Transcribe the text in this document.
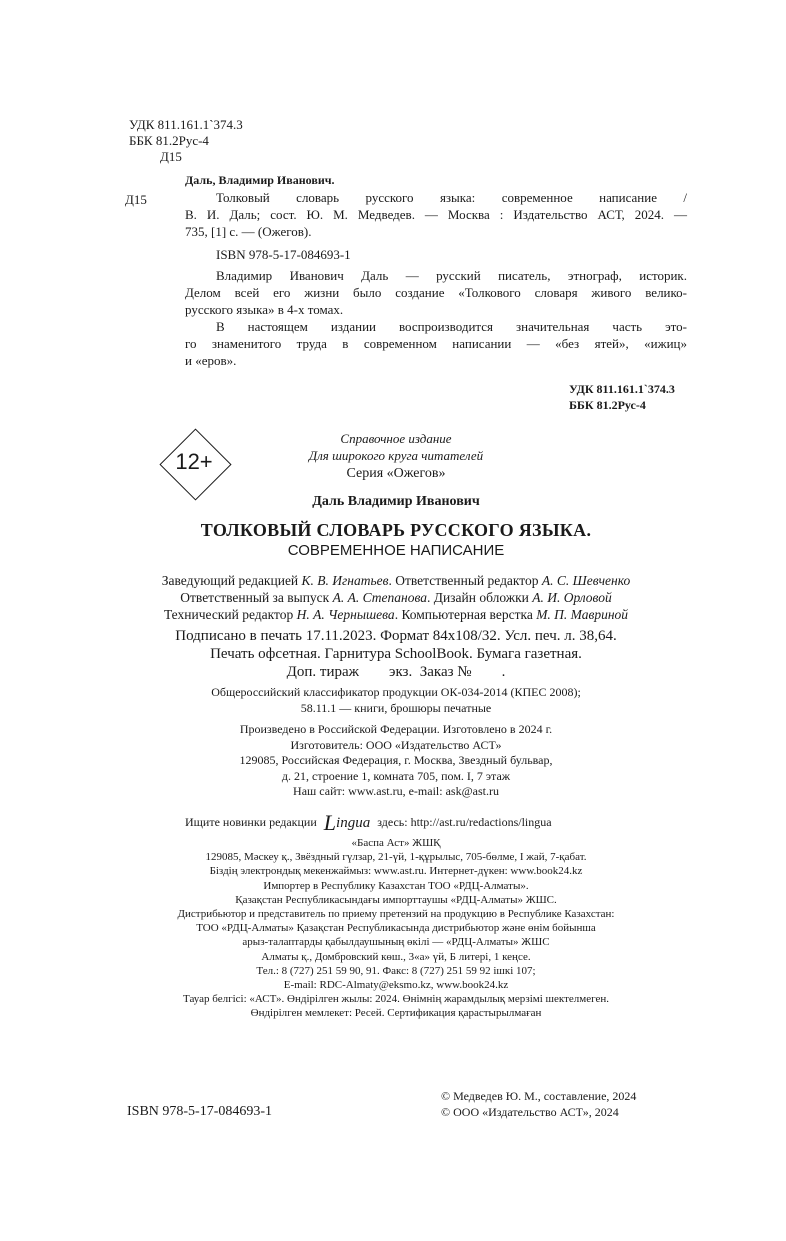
УДК 811.161.1`374.3
ББК 81.2Рус-4
Д15
Даль, Владимир Иванович.
Д15	Толковый словарь русского языка: современное написание /
В. И. Даль; сост. Ю. М. Медведев. — Москва : Издательство АСТ, 2024. —
735, [1] с. — (Ожегов).
ISBN 978-5-17-084693-1
Владимир Иванович Даль — русский писатель, этнограф, историк.
Делом всей его жизни было создание «Толкового словаря живого велико-
русского языка» в 4-х томах.
В настоящем издании воспроизводится значительная часть это-
го знаменитого труда в современном написании — «без ятей», «ижиц»
и «еров».
УДК 811.161.1`374.3
ББК 81.2Рус-4
12+
Справочное издание
Для широкого круга читателей
Серия «Ожегов»
Даль Владимир Иванович
ТОЛКОВЫЙ СЛОВАРЬ РУССКОГО ЯЗЫКА.
СОВРЕМЕННОЕ НАПИСАНИЕ
Заведующий редакцией К. В. Игнатьев. Ответственный редактор А. С. Шевченко
Ответственный за выпуск А. А. Степанова. Дизайн обложки А. И. Орловой
Технический редактор Н. А. Чернышева. Компьютерная верстка М. П. Мавриной
Подписано в печать 17.11.2023. Формат 84x108/32. Усл. печ. л. 38,64.
Печать офсетная. Гарнитура SchoolBook. Бумага газетная.
Доп. тираж        экз.  Заказ №        .
Общероссийский классификатор продукции ОК-034-2014 (КПЕС 2008);
58.11.1 — книги, брошюры печатные
Произведено в Российской Федерации. Изготовлено в 2024 г.
Изготовитель: ООО «Издательство АСТ»
129085, Российская Федерация, г. Москва, Звездный бульвар,
д. 21, строение 1, комната 705, пом. I, 7 этаж
Наш сайт: www.ast.ru, e-mail: ask@ast.ru
Ищите новинки редакции Lingua здесь: http://ast.ru/redactions/lingua
«Баспа Аст» ЖШҚ
129085, Мәскеу қ., Звёздный гүлзар, 21-үй, 1-құрылыс, 705-бөлме, I жай, 7-қабат.
Біздің электрондық мекенжаймыз: www.ast.ru. Интернет-дүкен: www.book24.kz
Импортер в Республику Казахстан ТОО «РДЦ-Алматы».
Қазақстан Республикасындағы импорттаушы «РДЦ-Алматы» ЖШС.
Дистрибьютор и представитель по приему претензий на продукцию в Республике Казахстан:
ТОО «РДЦ-Алматы» Қазақстан Республикасында дистрибьютор және өнім бойынша
арыз-талаптарды қабылдаушының өкілі — «РДЦ-Алматы» ЖШС
Алматы қ., Домбровский көш., 3«а» үй, Б литері, 1 кеңсе.
Тел.: 8 (727) 251 59 90, 91. Факс: 8 (727) 251 59 92 ішкі 107;
E-mail: RDC-Almaty@eksmo.kz, www.book24.kz
Тауар белгісі: «АСТ». Өндірілген жылы: 2024. Өнімнің жарамдылық мерзімі шектелмеген.
Өндірілген мемлекет: Ресей. Сертификация қарастырылмаған
ISBN 978-5-17-084693-1
© Медведев Ю. М., составление, 2024
© ООО «Издательство АСТ», 2024
